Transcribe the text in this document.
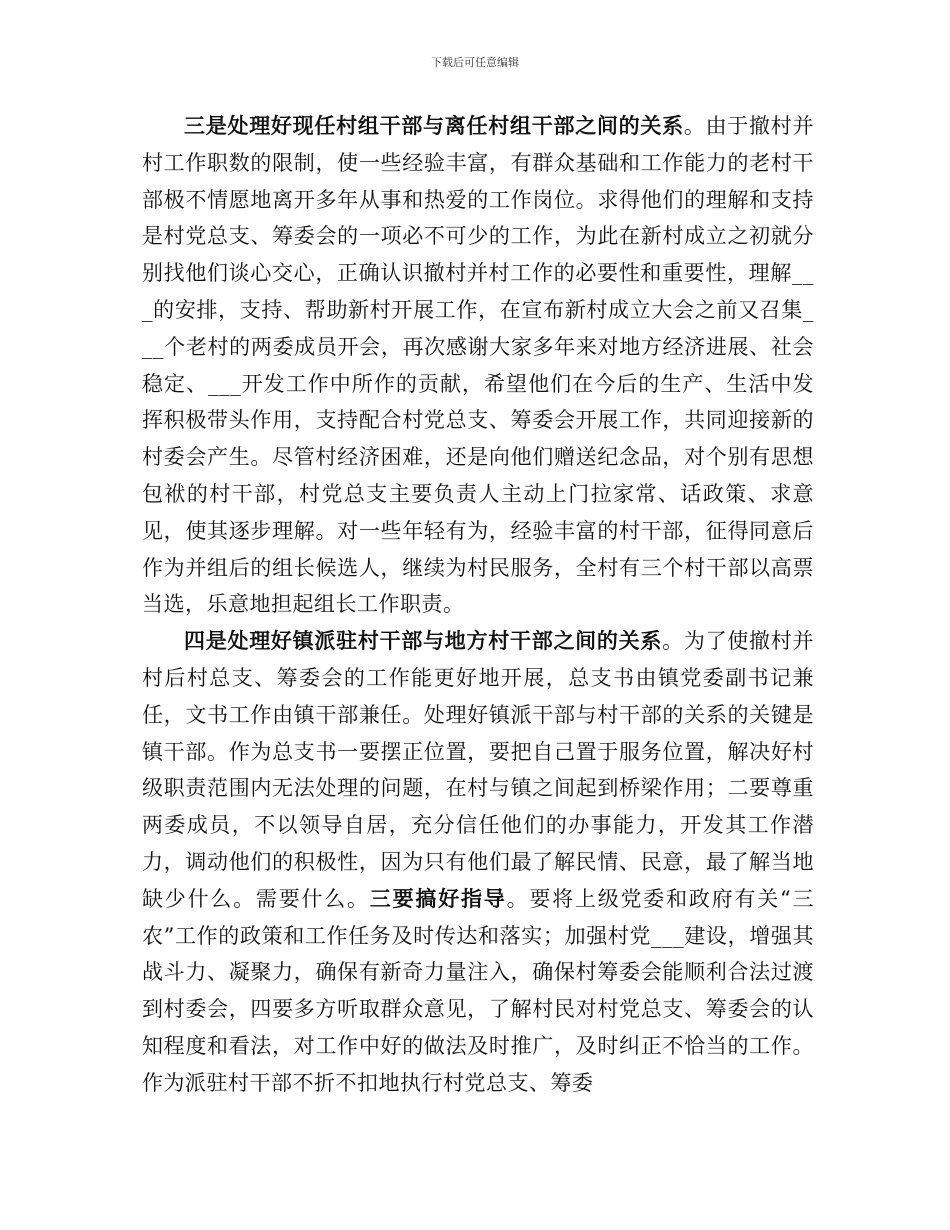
下载后可任意编辑

三是处理好现任村组干部与离任村组干部之间的关系。由于撤村并村工作职数的限制，使一些经验丰富，有群众基础和工作能力的老村干部极不情愿地离开多年从事和热爱的工作岗位。求得他们的理解和支持是村党总支、筹委会的一项必不可少的工作，为此在新村成立之初就分别找他们谈心交心，正确认识撤村并村工作的必要性和重要性，理解___的安排，支持、帮助新村开展工作，在宣布新村成立大会之前又召集___个老村的两委成员开会，再次感谢大家多年来对地方经济进展、社会稳定、___开发工作中所作的贡献，希望他们在今后的生产、生活中发挥积极带头作用，支持配合村党总支、筹委会开展工作，共同迎接新的村委会产生。尽管村经济困难，还是向他们赠送纪念品，对个别有思想包袱的村干部，村党总支主要负责人主动上门拉家常、话政策、求意见，使其逐步理解。对一些年轻有为，经验丰富的村干部，征得同意后作为并组后的组长候选人，继续为村民服务，全村有三个村干部以高票当选，乐意地担起组长工作职责。

四是处理好镇派驻村干部与地方村干部之间的关系。为了使撤村并村后村总支、筹委会的工作能更好地开展，总支书由镇党委副书记兼任，文书工作由镇干部兼任。处理好镇派干部与村干部的关系的关键是镇干部。作为总支书一要摆正位置，要把自己置于服务位置，解决好村级职责范围内无法处理的问题，在村与镇之间起到桥梁作用；二要尊重两委成员，不以领导自居，充分信任他们的办事能力，开发其工作潜力，调动他们的积极性，因为只有他们最了解民情、民意，最了解当地缺少什么。需要什么。三要搞好指导。要将上级党委和政府有关“三农”工作的政策和工作任务及时传达和落实；加强村党___建设，增强其战斗力、凝聚力，确保有新奇力量注入，确保村筹委会能顺利合法过渡到村委会，四要多方听取群众意见，了解村民对村党总支、筹委会的认知程度和看法，对工作中好的做法及时推广，及时纠正不恰当的工作。作为派驻村干部不折不扣地执行村党总支、筹委
